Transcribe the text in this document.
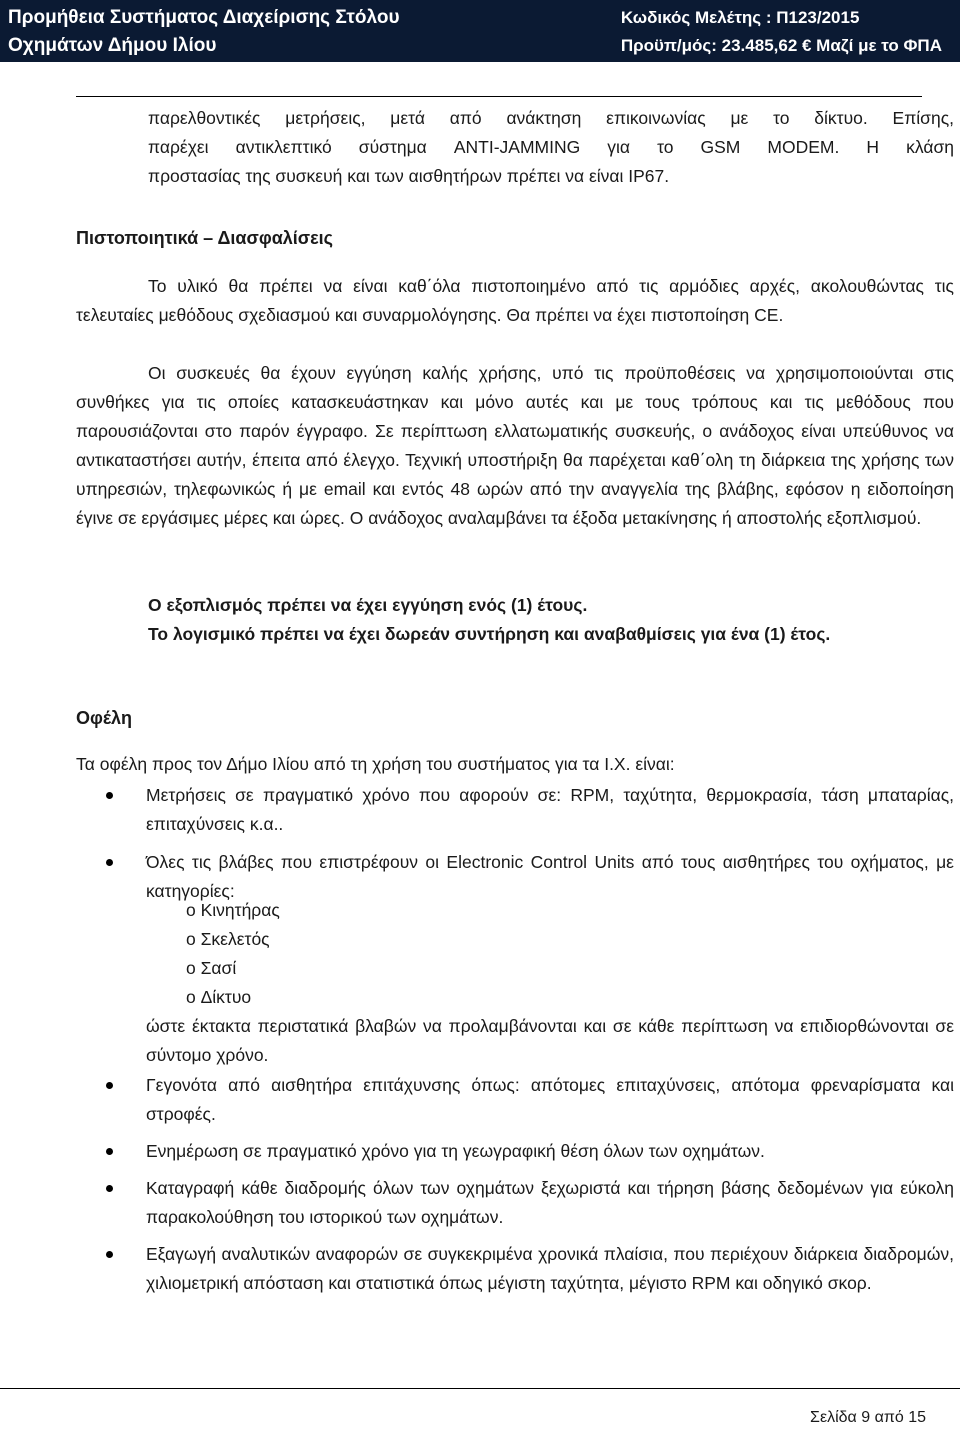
Προμήθεια Συστήματος Διαχείρισης Στόλου
Οχημάτων Δήμου Ιλίου
Κωδικός Μελέτης : Π123/2015
Προϋπ/μός: 23.485,62 € Μαζί με το ΦΠΑ
παρελθοντικές μετρήσεις, μετά από ανάκτηση επικοινωνίας με το δίκτυο. Επίσης,
παρέχει αντικλεπτικό σύστημα ANTI-JAMMING για το GSM MODEM. Η κλάση
προστασίας της συσκευή και των αισθητήρων πρέπει να είναι IP67.
Πιστοποιητικά – Διασφαλίσεις

Το υλικό θα πρέπει να είναι καθ΄όλα πιστοποιημένο από τις αρμόδιες αρχές, ακολουθώντας τις τελευταίες μεθόδους σχεδιασμού και συναρμολόγησης. Θα πρέπει να έχει πιστοποίηση CE.

Οι συσκευές θα έχουν εγγύηση καλής χρήσης, υπό τις προϋποθέσεις να χρησιμοποιούνται στις συνθήκες για τις οποίες κατασκευάστηκαν και μόνο αυτές και με τους τρόπους και τις μεθόδους που παρουσιάζονται στο παρόν έγγραφο. Σε περίπτωση ελλατωματικής συσκευής, ο ανάδοχος είναι υπεύθυνος να αντικαταστήσει αυτήν, έπειτα από έλεγχο. Τεχνική υποστήριξη θα παρέχεται καθ΄ολη τη διάρκεια της χρήσης των υπηρεσιών, τηλεφωνικώς ή με email και εντός 48 ωρών από την αναγγελία της βλάβης, εφόσον η ειδοποίηση έγινε σε εργάσιμες μέρες και ώρες. Ο ανάδοχος αναλαμβάνει τα έξοδα μετακίνησης ή αποστολής εξοπλισμού.

Ο εξοπλισμός πρέπει να έχει εγγύηση ενός (1) έτους.

Το λογισμικό πρέπει να έχει δωρεάν συντήρηση και αναβαθμίσεις για ένα (1) έτος.

Οφέλη

Τα οφέλη προς τον Δήμο Ιλίου από τη χρήση του συστήματος για τα Ι.Χ. είναι:

Μετρήσεις σε πραγματικό χρόνο που αφορούν σε: RPM, ταχύτητα, θερμοκρασία, τάση μπαταρίας, επιταχύνσεις κ.α..
Όλες τις βλάβες που επιστρέφουν οι Electronic Control Units από τους αισθητήρες του οχήματος, με κατηγορίες:
o Κινητήρας
o Σκελετός
o Σασί
o Δίκτυο

ώστε έκτακτα περιστατικά βλαβών να προλαμβάνονται και σε κάθε περίπτωση να επιδιορθώνονται σε σύντομο χρόνο.

Γεγονότα από αισθητήρα επιτάχυνσης όπως: απότομες επιταχύνσεις, απότομα φρεναρίσματα και στροφές.
Ενημέρωση σε πραγματικό χρόνο για τη γεωγραφική θέση όλων των οχημάτων.
Καταγραφή κάθε διαδρομής όλων των οχημάτων ξεχωριστά και τήρηση βάσης δεδομένων για εύκολη παρακολούθηση του ιστορικού των οχημάτων.
Εξαγωγή αναλυτικών αναφορών σε συγκεκριμένα χρονικά πλαίσια, που περιέχουν διάρκεια διαδρομών, χιλιομετρική απόσταση και στατιστικά όπως μέγιστη ταχύτητα, μέγιστο RPM και οδηγικό σκορ.
Σελίδα 9 από 15
